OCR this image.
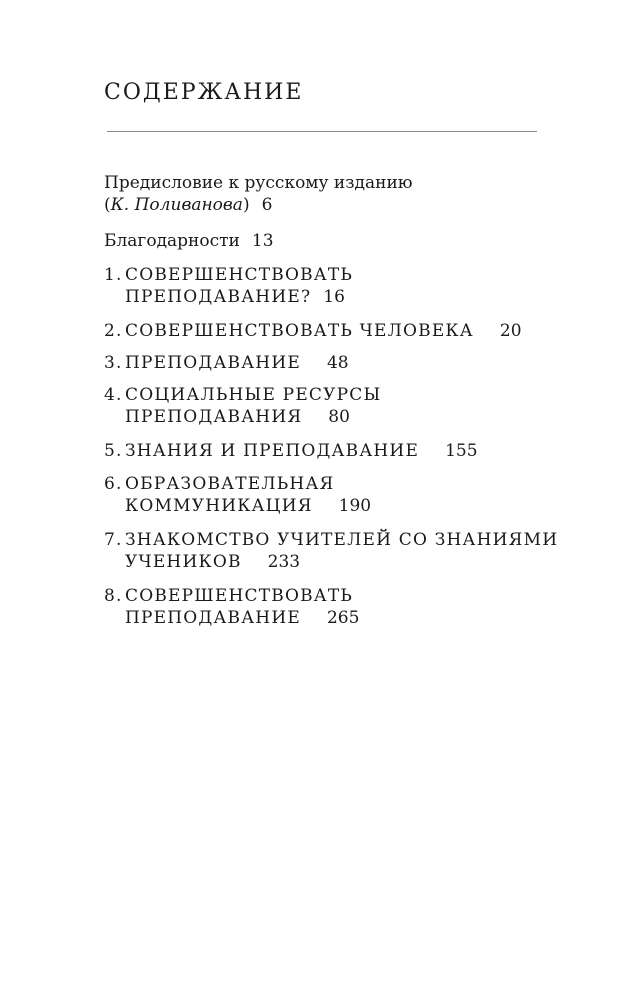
СОДЕРЖАНИЕ
Предисловие к русскому изданию
(К. Поливанова) 6
Благодарности 13
1. СОВЕРШЕНСТВОВАТЬ
ПРЕПОДАВАНИЕ? 16
2. СОВЕРШЕНСТВОВАТЬ ЧЕЛОВЕКА 20
3. ПРЕПОДАВАНИЕ 48
4. СОЦИАЛЬНЫЕ РЕСУРСЫ
ПРЕПОДАВАНИЯ 80
5. ЗНАНИЯ И ПРЕПОДАВАНИЕ 155
6. ОБРАЗОВАТЕЛЬНАЯ
КОММУНИКАЦИЯ 190
7. ЗНАКОМСТВО УЧИТЕЛЕЙ СО ЗНАНИЯМИ
УЧЕНИКОВ 233
8. СОВЕРШЕНСТВОВАТЬ
ПРЕПОДАВАНИЕ 265
